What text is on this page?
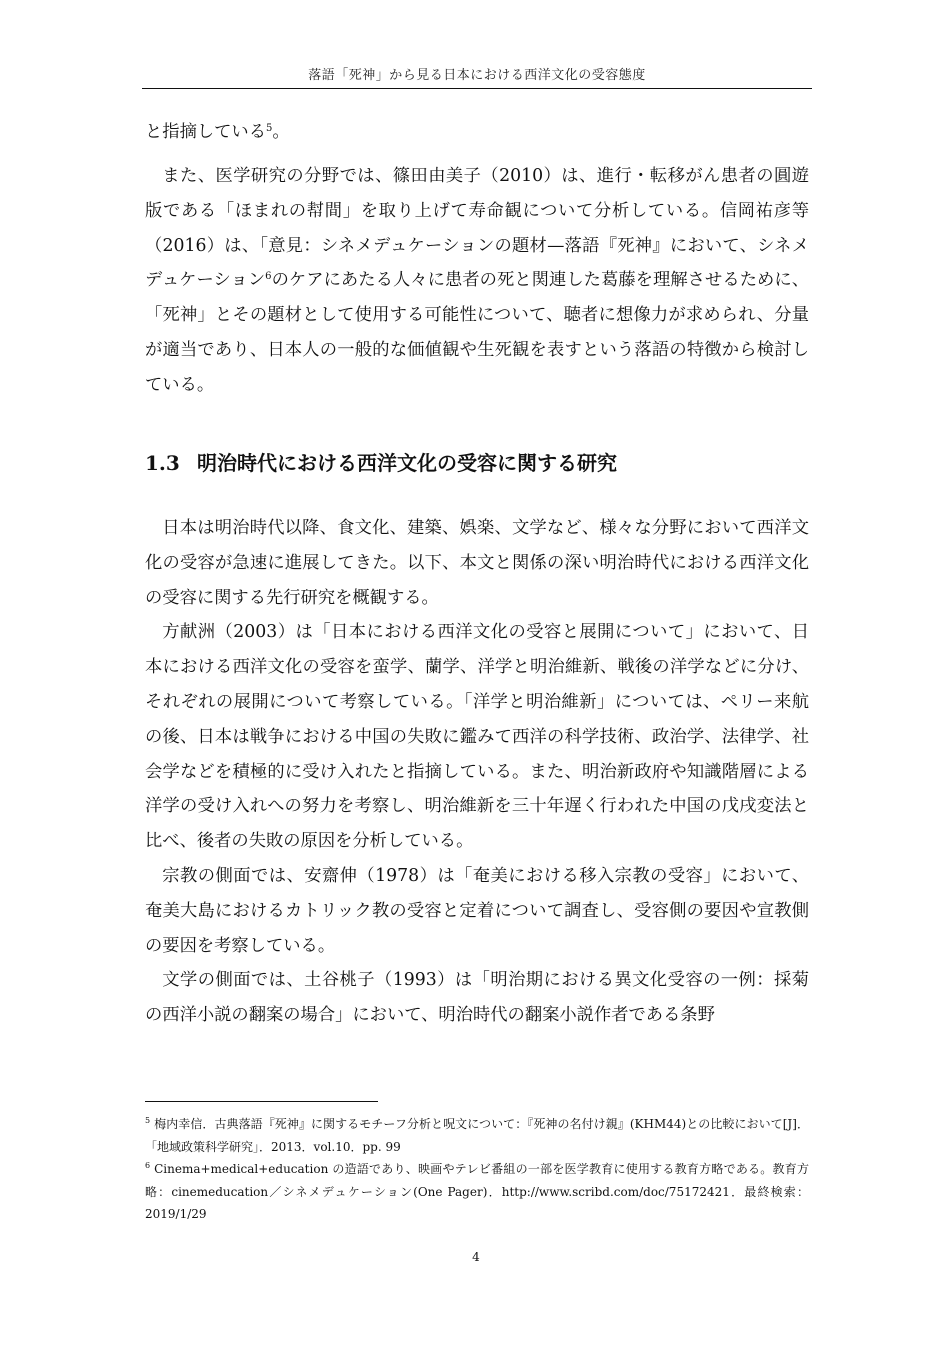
落語「死神」から見る日本における西洋文化の受容態度

と指摘している$^5$。

また、医学研究の分野では、篠田由美子（2010）は、進行・転移がん患者の圓遊版である「ほまれの幇間」を取り上げて寿命観について分析している。信岡祐彦等（2016）は、「意見：シネメデュケーションの題材—落語『死神』において、シネメデュケーション$^6$のケアにあたる人々に患者の死と関連した葛藤を理解させるために、「死神」とその題材として使用する可能性について、聴者に想像力が求められ、分量が適当であり、日本人の一般的な価値観や生死観を表すという落語の特徴から検討している。

1.3 明治時代における西洋文化の受容に関する研究

日本は明治時代以降、食文化、建築、娯楽、文学など、様々な分野において西洋文化の受容が急速に進展してきた。以下、本文と関係の深い明治時代における西洋文化の受容に関する先行研究を概観する。

方献洲（2003）は「日本における西洋文化の受容と展開について」において、日本における西洋文化の受容を蛮学、蘭学、洋学と明治維新、戦後の洋学などに分け、それぞれの展開について考察している。「洋学と明治維新」については、ペリー来航の後、日本は戦争における中国の失敗に鑑みて西洋の科学技術、政治学、法律学、社会学などを積極的に受け入れたと指摘している。また、明治新政府や知識階層による洋学の受け入れへの努力を考察し、明治維新を三十年遅く行われた中国の戊戌変法と比べ、後者の失敗の原因を分析している。

宗教の側面では、安齋伸（1978）は「奄美における移入宗教の受容」において、奄美大島におけるカトリック教の受容と定着について調査し、受容側の要因や宣教側の要因を考察している。

文学の側面では、土谷桃子（1993）は「明治期における異文化受容の一例：採菊の西洋小説の翻案の場合」において、明治時代の翻案小説作者である条野

$^5$ 梅内幸信．古典落語『死神』に関するモチーフ分析と呪文について：『死神の名付け親』(KHM44)との比較において[J]．「地域政策科学研究」．2013．vol.10．pp. 99

$^6$ Cinema+medical+education の造語であり、映画やテレビ番組の一部を医学教育に使用する教育方略である。教育方略：cinemeducation／シネメデュケーション(One Pager)．http://www.scribd.com/doc/75172421．最終検索：2019/1/29

4
